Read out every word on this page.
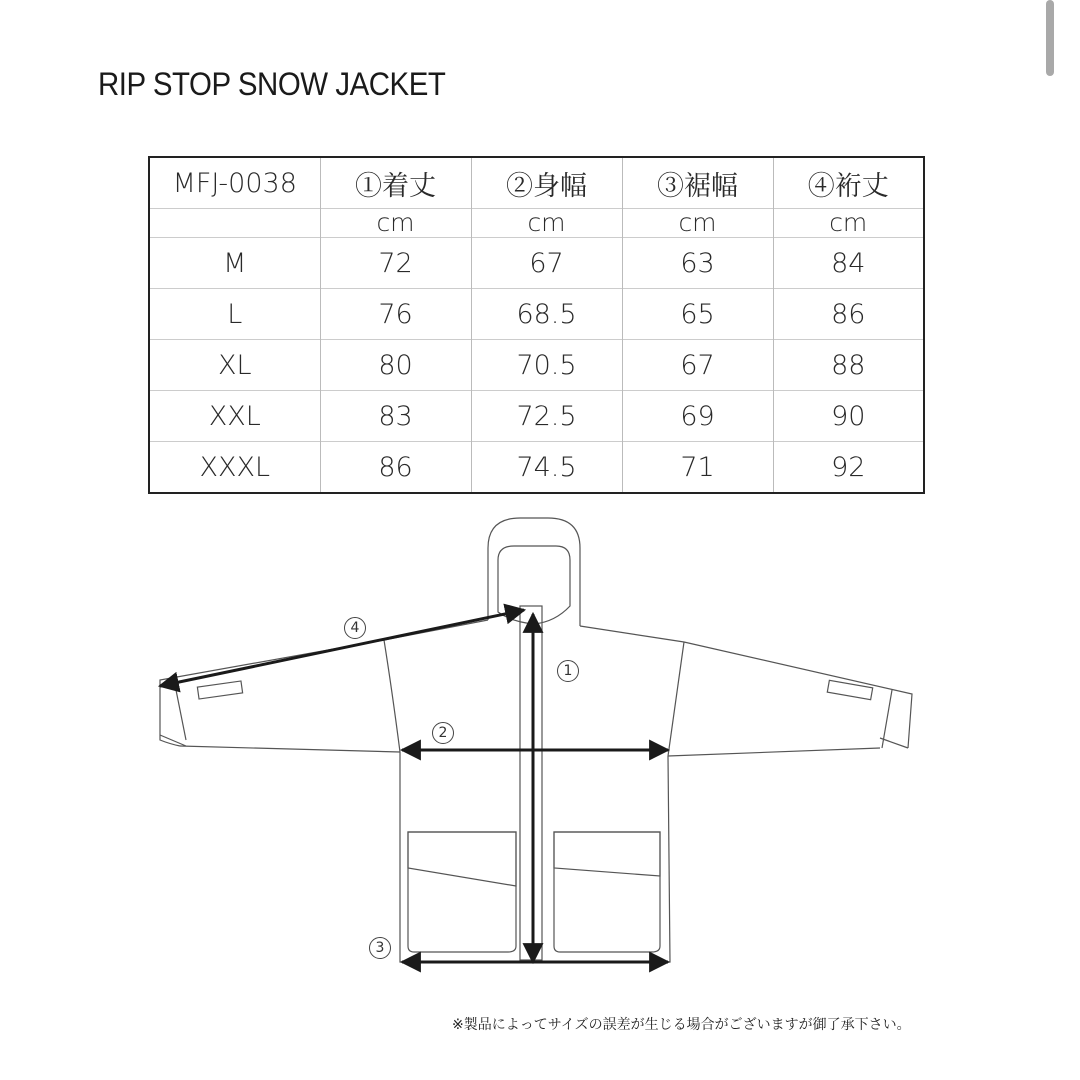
RIP STOP SNOW JACKET
MFJ-0038	①着丈	②身幅	③裾幅	④裄丈
	cm	cm	cm	cm
M	72	67	63	84
L	76	68.5	65	86
XL	80	70.5	67	88
XXL	83	72.5	69	90
XXXL	86	74.5	71	92
4
1
2
3
※製品によってサイズの誤差が生じる場合がございますが御了承下さい。
